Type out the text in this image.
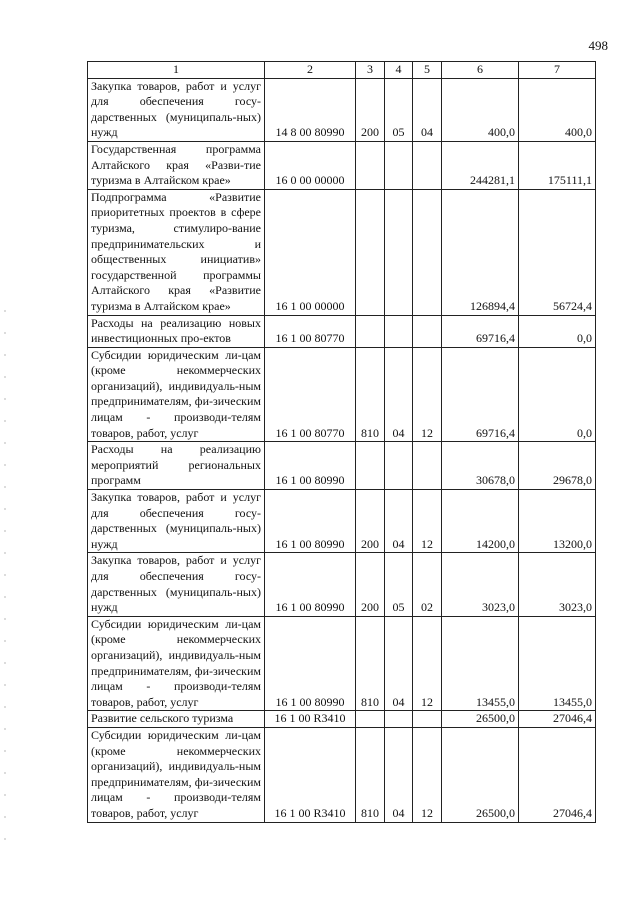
498
1	2	3	4	5	6	7
Закупка товаров, работ и услуг для обеспечения госу-дарственных (муниципаль-ных) нужд	14 8 00 80990	200	05	04	400,0	400,0
Государственная программа Алтайского края «Разви-тие туризма в Алтайском крае»	16 0 00 00000				244281,1	175111,1
Подпрограмма «Развитие приоритетных проектов в сфере туризма, стимулиро-вание предпринимательских и общественных инициатив» государственной программы Алтайского края «Развитие туризма в Алтайском крае»	16 1 00 00000				126894,4	56724,4
Расходы на реализацию новых инвестиционных про-ектов	16 1 00 80770				69716,4	0,0
Субсидии юридическим ли-цам (кроме некоммерческих организаций), индивидуаль-ным предпринимателям, фи-зическим лицам - производи-телям товаров, работ, услуг	16 1 00 80770	810	04	12	69716,4	0,0
Расходы на реализацию мероприятий региональных программ	16 1 00 80990				30678,0	29678,0
Закупка товаров, работ и услуг для обеспечения госу-дарственных (муниципаль-ных) нужд	16 1 00 80990	200	04	12	14200,0	13200,0
Закупка товаров, работ и услуг для обеспечения госу-дарственных (муниципаль-ных) нужд	16 1 00 80990	200	05	02	3023,0	3023,0
Субсидии юридическим ли-цам (кроме некоммерческих организаций), индивидуаль-ным предпринимателям, фи-зическим лицам - производи-телям товаров, работ, услуг	16 1 00 80990	810	04	12	13455,0	13455,0
Развитие сельского туризма	16 1 00 R3410				26500,0	27046,4
Субсидии юридическим ли-цам (кроме некоммерческих организаций), индивидуаль-ным предпринимателям, фи-зическим лицам - производи-телям товаров, работ, услуг	16 1 00 R3410	810	04	12	26500,0	27046,4
